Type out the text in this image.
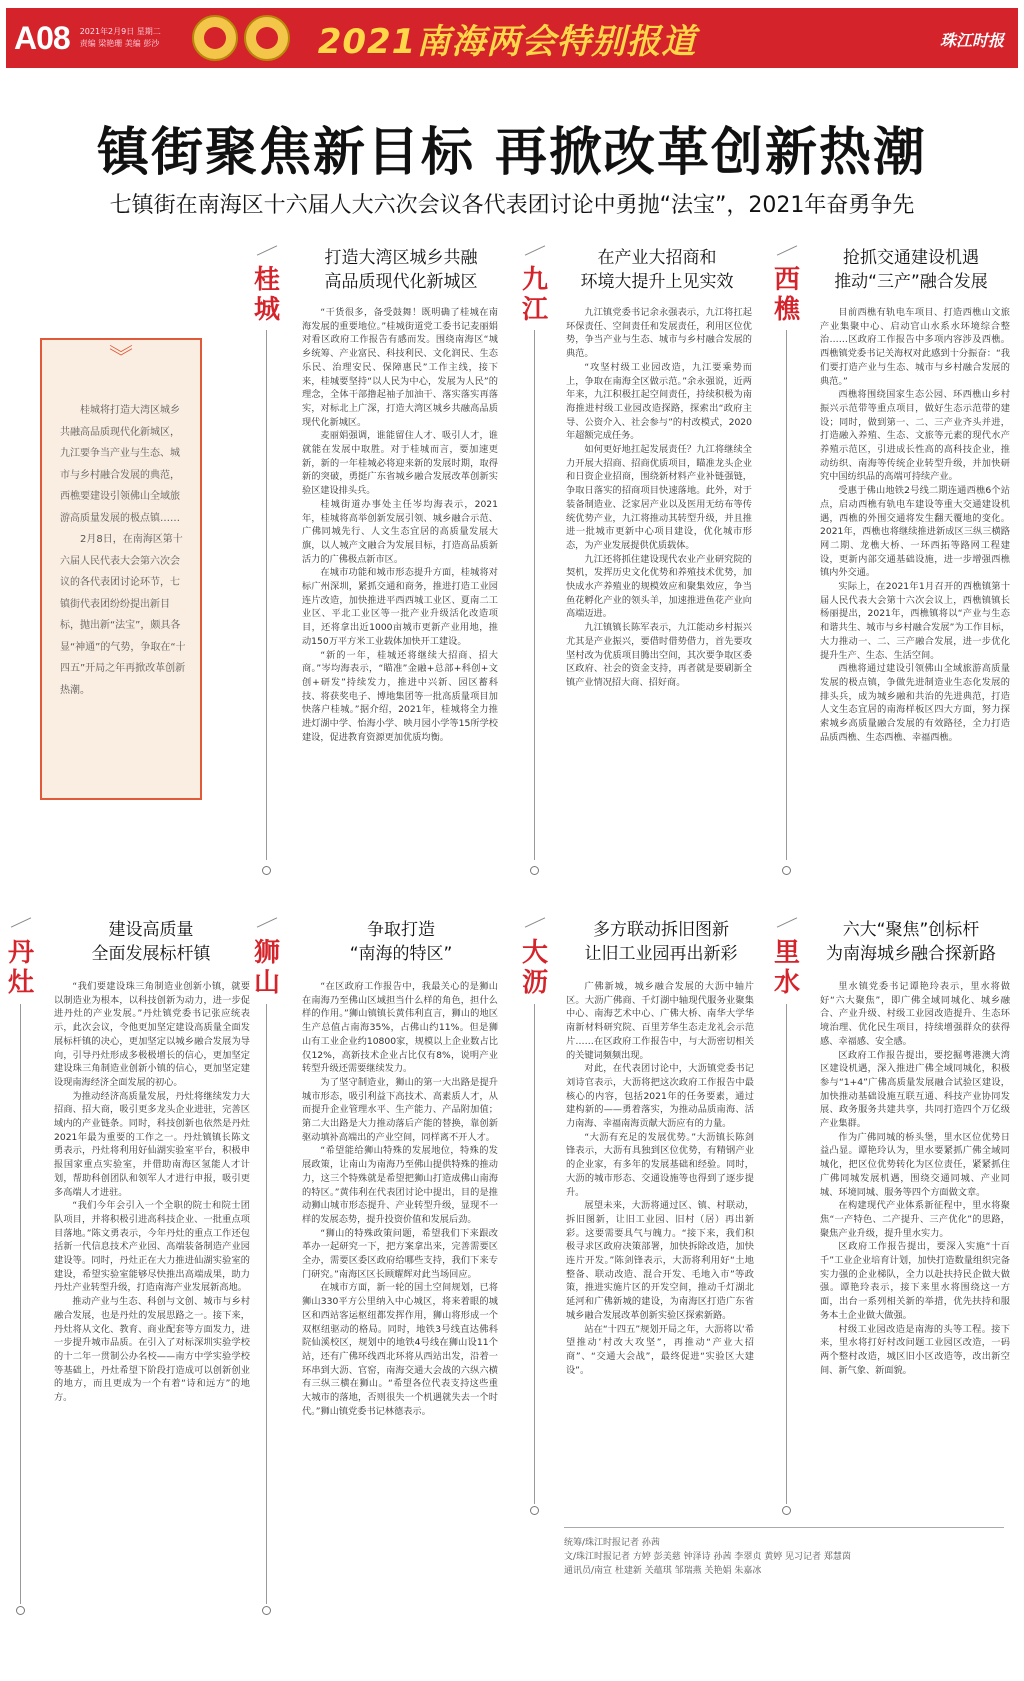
A08 2021年2月9日 星期二
责编 梁艳珊 美编 彭沙	2021南海两会特别报道	珠江时报
镇街聚焦新目标 再掀改革创新热潮
七镇街在南海区十六届人大六次会议各代表团讨论中勇抛“法宝”，2021年奋勇争先
︾

桂城将打造大湾区城乡共融高品质现代化新城区，九江要争当产业与生态、城市与乡村融合发展的典范，西樵要建设引领佛山全域旅游高质量发展的极点镇……

2月8日，在南海区第十六届人民代表大会第六次会议的各代表团讨论环节，七镇街代表团纷纷提出新目标，抛出新“法宝”，颇具各显“神通”的气势，争取在“十四五”开局之年再掀改革创新热潮。

桂城
打造大湾区城乡共融
高品质现代化新城区

“干货很多，备受鼓舞！既明确了桂城在南海发展的重要地位。”桂城街道党工委书记麦丽娟对看区政府工作报告有感而发。围绕南海区“城乡统筹、产业富民、科技利民、文化润民、生态乐民、治理安民、保障惠民”工作主线，接下来，桂城要坚持“以人民为中心，发展为人民”的理念，全体干部撸起袖子加油干、落实落实再落实，对标北上广深，打造大湾区城乡共融高品质现代化新城区。

麦丽娟强调，谁能留住人才、吸引人才，谁就能在发展中取胜。对于桂城而言，要加速更新，新的一年桂城必将迎来新的发展时期，取得新的突破，勇挺广东省城乡融合发展改革创新实验区建设排头兵。

桂城街道办事处主任岑均海表示，2021年，桂城将高举创新发展引领、城乡融合示范、广佛同城先行、人文生态宜居的高质量发展大旗，以人城产文融合为发展目标，打造高品质新活力的广佛极点新市区。

在城市功能和城市形态提升方面，桂城将对标广州深圳，紧抓交通和商务，推进打造工业园连片改造，加快推进平西西城工业区、夏南二工业区、平北工业区等一批产业升级活化改造项目，还将拿出近1000亩城市更新产业用地，推动150万平方米工业载体加快开工建设。

“新的一年，桂城还将继续大招商、招大商。”岑均海表示，“瞄准”金融+总部+科创+文创+研发”持续发力，推进中兴新、园区蓄科技、将获奖电子、博地集团等一批高质量项目加快落户桂城。”据介绍，2021年，桂城将全力推进灯湖中学、怡海小学、映月园小学等15所学校建设，促进教育资源更加优质均衡。

九江
在产业大招商和
环境大提升上见实效

九江镇党委书记余永强表示，九江将扛起环保责任、空间责任和发展责任，利用区位优势，争当产业与生态、城市与乡村融合发展的典范。

“攻坚村级工业园改造，九江要乘势而上，争取在南海全区做示范。”余永强说，近两年来，九江积极扛起空间责任，持续积极为南海推进村级工业园改造探路，探索出“政府主导、公资介入、社会参与”的村改模式，2020年超额完成任务。

如何更好地扛起发展责任？九江将继续全力开展大招商、招商优质项目，瞄准龙头企业和日资企业招商，围绕新材料产业补链强链，争取日落实的招商项目快速落地。此外，对于装备制造业、泛家居产业以及医用无纺布等传统优势产业，九江将推动其转型升级，并且推进一批城市更新中心项目建设，优化城市形态，为产业发展提供优质载体。

九江还将抓住建设现代农业产业研究院的契机，发挥历史文化优势和养殖技术优势，加快成水产养殖业的规模效应和聚集效应，争当鱼花孵化产业的领头羊，加速推进鱼花产业向高端迈进。

九江镇镇长陈军表示，九江能动乡村振兴尤其是产业振兴，要借时借势借力，首先要攻坚村改为优质项目腾出空间，其次要争取区委区政府、社会的资金支持，再者就是要刷新全镇产业情况招大商、招好商。

西樵
抢抓交通建设机遇
推动“三产”融合发展

目前西樵有轨电车项目、打造西樵山文旅产业集聚中心、启动官山水系水环境综合整治……区政府工作报告中多项内容涉及西樵。西樵镇党委书记关海权对此感到十分振奋：“我们要打造产业与生态、城市与乡村融合发展的典范。”

西樵将围绕国家生态公园、环西樵山乡村振兴示范带等重点项目，做好生态示范带的建设；同时，做到第一、二、三产业齐头并进，打造融入养殖、生态、文旅等元素的现代水产养殖示范区，引进成长性高的高科技企业，推动纺织、南海等传统企业转型升级，并加快研究中国纺织品的高端可持续产业。

受惠于佛山地铁2号线二期连通西樵6个站点，启动西樵有轨电车建设等重大交通建设机遇，西樵的外围交通将发生翻天覆地的变化。2021年，西樵也将继续推进新成区三纵三横路网二期、龙樵大桥、一环西拓等路网工程建设，更新内部交通基础设施，进一步增强西樵镇内外交通。

实际上，在2021年1月召开的西樵镇第十届人民代表大会第十六次会议上，西樵镇镇长杨丽提出，2021年，西樵镇将以“产业与生态和谐共生、城市与乡村融合发展”为工作目标，大力推动一、二、三产融合发展，进一步优化提升生产、生态、生活空间。

西樵将通过建设引领佛山全域旅游高质量发展的极点镇，争做先进制造业生态化发展的排头兵，成为城乡融和共治的先进典范，打造人文生态宜居的南海样板区四大方面，努力探索城乡高质量融合发展的有效路径，全力打造品质西樵、生态西樵、幸福西樵。

丹灶
建设高质量
全面发展标杆镇

“我们要建设珠三角制造业创新小镇，就要以制造业为根本，以科技创新为动力，进一步促进丹灶的产业发展。”丹灶镇党委书记张应统表示，此次会议，令他更加坚定建设高质量全面发展标杆镇的决心，更加坚定以城乡融合发展为导向，引导丹灶形成多极极增长的信心，更加坚定建设珠三角制造业创新小镇的信心，更加坚定建设现南海经济全面发展的初心。

为推动经济高质量发展，丹灶将继续发力大招商、招大商，吸引更多龙头企业进驻，完善区域内的产业链条。同时，科技创新也依然是丹灶2021年最为重要的工作之一。丹灶镇镇长陈文勇表示，丹灶将利用好仙湖实验室平台，积极申报国家重点实验室，并借助南海区氢能人才计划，帮助科创团队和领军人才进行申报，吸引更多高端人才进驻。

“我们今年会引入一个全职的院士和院士团队项目，并将积极引进高科技企业、一批重点项目落地。”陈文勇表示，今年丹灶的重点工作还包括新一代信息技术产业园、高端装备制造产业园建设等。同时，丹灶正在大力推进仙湖实验室的建设，希望实验室能够尽快推出高端成果，助力丹灶产业转型升级，打造南海产业发展新高地。

推动产业与生态、科创与文创、城市与乡村融合发展，也是丹灶的发展思路之一。接下来，丹灶将从文化、教育、商业配套等方面发力，进一步提升城市品质。在引入了对标深圳实验学校的十二年一贯制公办名校——南方中学实验学校等基础上，丹灶希望下阶段打造成可以创新创业的地方，而且更成为一个有着“诗和远方”的地方。

狮山
争取打造
“南海的特区”

“在区政府工作报告中，我最关心的是狮山在南海乃至佛山区域担当什么样的角色，担什么样的作用。”狮山镇镇长黄伟利直言，狮山的地区生产总值占南海35%，占佛山约11%。但是狮山有工业企业约10800家，规模以上企业数占比仅12%，高新技术企业占比仅有8%，说明产业转型升级还需要继续发力。

为了坚守制造业，狮山的第一大出路是提升城市形态，吸引利益下高技术、高素质人才，从而提升企业管理水平、生产能力、产品附加值；第二大出路是大力推动落后产能的替换，靠创新驱动填补高端出的产业空间，同样离不开人才。

“希望能给狮山特殊的发展地位，特殊的发展政策，让南山为南海乃至佛山提供特殊的推动力，这三个特殊就是希望把狮山打造成佛山南海的特区。”黄伟利在代表团讨论中提出，目的是推动狮山城市形态提升、产业转型升级，显现不一样的发展态势，提升投资价值和发展后劲。

“狮山的特殊政策问题，希望我们下来跟改革办一起研究一下，把方案拿出来，完善需要区全办，需要区委区政府给哪些支持，我们下来专门研究。”南海区区长顾耀辉对此当场回应。

在城市方面，新一轮的国土空间规划，已将狮山330平方公里纳入中心城区，将来着眼的城区和西站客运枢纽都发挥作用，狮山将形成一个双枢纽驱动的格局。同时，地铁3号线直达佛科院仙溪校区，规划中的地铁4号线在狮山设11个站，还有广佛环线西北环将从西站出发，沿着一环串到大沥、官窑，南海交通大会战的六纵六横有三纵三横在狮山。“希望各位代表支持这些重大城市的落地，否则很失一个机遇就失去一个时代。”狮山镇党委书记林德表示。

大沥
多方联动拆旧图新
让旧工业园再出新彩

广佛新城，城乡融合发展的大沥中轴片区。大沥广佛商、千灯湖中轴现代服务业聚集中心、南海艺术中心、广佛大桥、南华大学华南新材料研究院、百里芳华生态走龙礼会示范片……在区政府工作报告中，与大沥密切相关的关键词频频出现。

对此，在代表团讨论中，大沥镇党委书记刘诗官表示，大沥将把这次政府工作报告中最核心的内容，包括2021年的任务要素，通过建构新的——勇着落实，为推动品质南海、活力南海、幸福南海贡献大沥应有的力量。

“大沥有充足的发展优势。”大沥镇长陈剑锋表示，大沥有具独到区位优势，有精钢产业的企业家，有多年的发展基础和经验。同时，大沥的城市形态、交通设施等也得到了逐步提升。

展望未来，大沥将通过区、镇、村联动，拆旧图新，让旧工业园、旧村（居）再出新彩。这要需要具气与魄力。“接下来，我们积极寻求区政府决策部署，加快拆除改造，加快连片开发。”陈剑锋表示，大沥将利用好“土地整备、联动改造、混合开发、毛地入市”等政策，推进实施片区的开发空间，推动千灯湖北延河和广佛新城的建设，为南海区打造广东省城乡融合发展改革创新实验区探索新路。

站在“十四五”规划开局之年，大沥将以‘希望推动’村改大攻坚”，再推动“产业大招商”、“交通大会战”，最终促进“实验区大建设”。

里水
六大“聚焦”创标杆
为南海城乡融合探新路

里水镇党委书记谭艳玲表示，里水将做好“六大聚焦”，即广佛全域同城化、城乡融合、产业升级、村级工业园改造提升、生态环境治理、优化民生项目，持续增强群众的获得感、幸福感、安全感。

区政府工作报告提出，要挖掘粤港澳大湾区建设机遇，深入推进广佛全域同城化，积极参与“1+4”广佛高质量发展融合试验区建设，加快推动基础设施互联互通、科技产业协同发展、政务服务共建共享，共同打造四个万亿级产业集群。

作为广佛同城的桥头堡，里水区位优势日益凸显。谭艳玲认为，里水要紧抓广佛全域同城化，把区位优势转化为区位责任，紧紧抓住广佛同城发展机遇，围绕交通同城、产业同城、环境同城、服务等四个方面做文章。

在构建现代产业体系新征程中，里水将聚焦“一产特色、二产提升、三产优化”的思路，聚焦产业升级，提升里水实力。

区政府工作报告提出，要深入实施“十百千”工业企业培育计划，加快打造数量组织完备实力强的企业梯队，全力以赴扶持民企做大做强。谭艳玲表示，接下来里水将围绕这一方面，出台一系列相关新的举措，优先扶持和服务本土企业做大做强。

村级工业园改造是南海的头等工程。接下来，里水将打好村改问题工业园区改造，一码两个整村改造，城区旧小区改造等，改出新空间、新气象、新面貌。

统筹/珠江时报记者 孙茜
文/珠江时报记者 方婷 彭美慈 钟泽诗 孙茜 李翠贞 黄婷 见习记者 郑慧茵
通讯员/南宣 杜建新 关蕴琪 邹瑞燕 关艳娟 朱嘉冰
